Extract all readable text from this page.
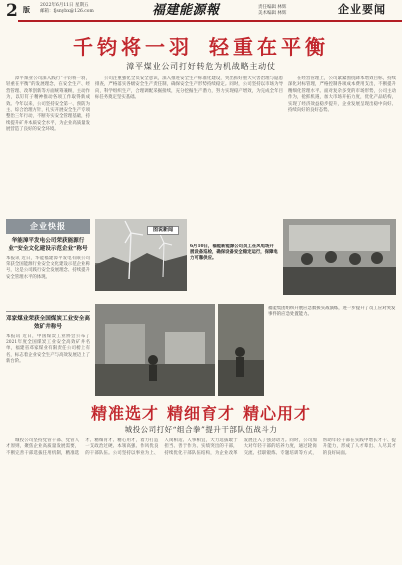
2 版 2022年6月11日 星期五
邮箱：fjsnybx@126.com	福建能源報	责任编辑 林辉
美术编辑 林辉	企业要闻
千钧将一羽 轻重在平衡
漳平煤业公司打好转危为机战略主动仗

漳平煤业公司深入践行“千钧将一羽，轻重在平衡”的发展理念，在安全生产、经营管理、改革创新等方面统筹兼顾，主动作为，以钉钉子精神推动各项工作取得新成效。今年以来，公司坚持安全第一、预防为主、综合治理方针，扎实开展安全生产专项整治三年行动，不断夯实安全管理基础，持续提升矿井本质安全水平，为企业高质量发展营造了良好的安全环境。

公司注重强化全员安全意识，深入推进安全生产标准化建设，突出抓好重大灾害治理与隐患排查，严格落实各级安全生产责任制，确保安全生产形势持续稳定。同时，公司坚持以市场为导向，科学组织生产，合理调配采掘接续，充分挖掘生产潜力，努力实现稳产增效，为完成全年目标任务奠定坚实基础。

在经营管理上，公司紧紧围绕降本增效目标，持续深化对标管理，严格控制各项成本费用支出，不断提升精细化管理水平。面对复杂多变的市场形势，公司主动作为，抢抓机遇，加大市场开拓力度，优化产品结构，实现了经济效益稳步提升，企业发展呈现出稳中向好、持续向好的良好态势。

企业快报
华能漳平发电公司荣获能源行业“安全文化建设示范企业”称号
本报讯 近日，华能福建漳平发电有限公司荣获全国能源行业安全文化建设示范企业称号，这是公司践行安全发展理念、持续提升安全管理水平的体现。
邓家煤业荣获全国煤炭工业安全高效矿井称号
本报讯 近日，中国煤炭工业协会公布了2021年度全国煤炭工业安全高效矿井名单，福建省邓家煤业有限责任公司榜上有名，标志着企业安全生产与高效发展迈上了新台阶。
图说新闻
6月10日，福能新能源公司员工在风电场开展设备巡检，确保设备安全稳定运行，保障电力可靠供应。
福能集团组织开展应急救援实战演练，进一步提升了员工应对突发事件的应急处置能力。
精准选才 精细育才 精心用才
城投公司打好“组合拳”提升干部队伍战斗力

城投公司坚持党管干部、党管人才原则，聚焦企业高质量发展需要，不断完善干部选拔任用机制，精准选才、精细育才、精心用才，着力打造一支政治过硬、本领高强、作风优良的干部队伍。公司坚持以事业为上、人岗相适、人事相宜，大力选拔敢于担当、善于作为、实绩突出的干部，持续优化干部队伍结构，为企业改革发展注入了强劲动力。同时，公司加大对年轻干部的培养力度，通过轮岗交流、挂职锻炼、专题培训等方式，帮助年轻干部在实践中增长才干、提升能力，形成了人才辈出、人尽其才的良好局面。
